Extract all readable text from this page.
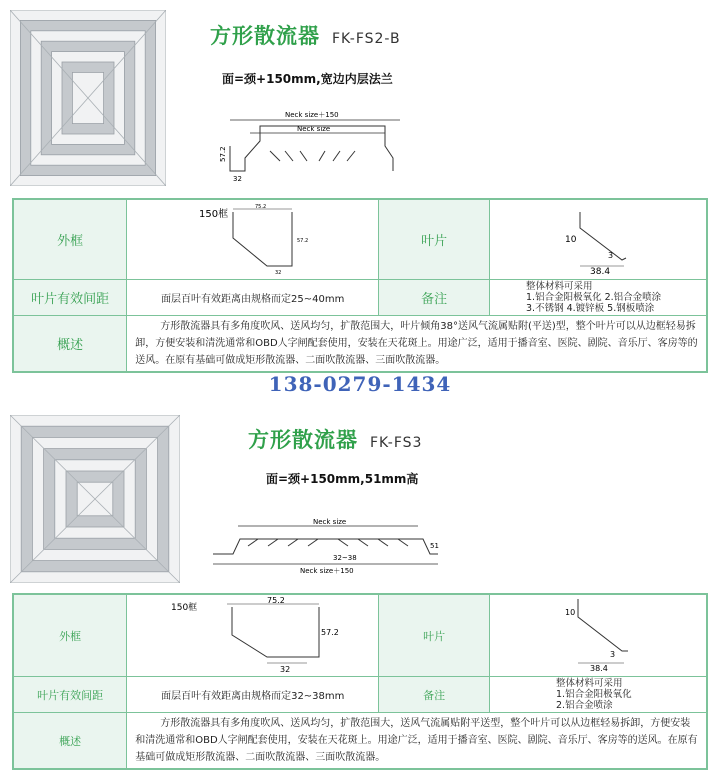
方形散流器 FK-FS2-B
面=颈+150mm,宽边内层法兰
Neck size＋150
Neck size
57.2
32
外框	150框
75.2
57.2
32	叶片	10
3
38.4

叶片有效间距	面层百叶有效距离由规格而定25~40mm	备注	整体材料可采用
1.铝合金阳极氧化 2.铝合金喷涂
3.不锈钢 4.镀锌板 5.钢板喷涂

概述	方形散流器具有多角度吹风、送风均匀，扩散范围大，叶片倾角38°送风气流属贴附(平送)型，整个叶片可以从边框轻易拆卸，方便安装和清洗通常和OBD人字闸配套使用，安装在天花斑上。用途广泛，适用于播音室、医院、剧院、音乐厅、客房等的送风。在原有基础可做成矩形散流器、二面吹散流器、三面吹散流器。		
138-0279-1434
方形散流器 FK-FS3
面=颈+150mm,51mm高
Neck size
32~38
51
Neck size＋150
外框	150框
75.2
57.2
32	叶片	10
3
38.4

叶片有效间距	面层百叶有效距离由规格而定32~38mm	备注	整体材料可采用
1.铝合金阳极氧化
2.铝合金喷涂

概述	方形散流器具有多角度吹风、送风均匀，扩散范围大，送风气流属贴附平送型，整个叶片可以从边框轻易拆卸，方便安装和清洗通常和OBD人字闸配套使用，安装在天花斑上。用途广泛，适用于播音室、医院、剧院、音乐厅、客房等的送风。在原有基础可做成矩形散流器、二面吹散流器、三面吹散流器。		
